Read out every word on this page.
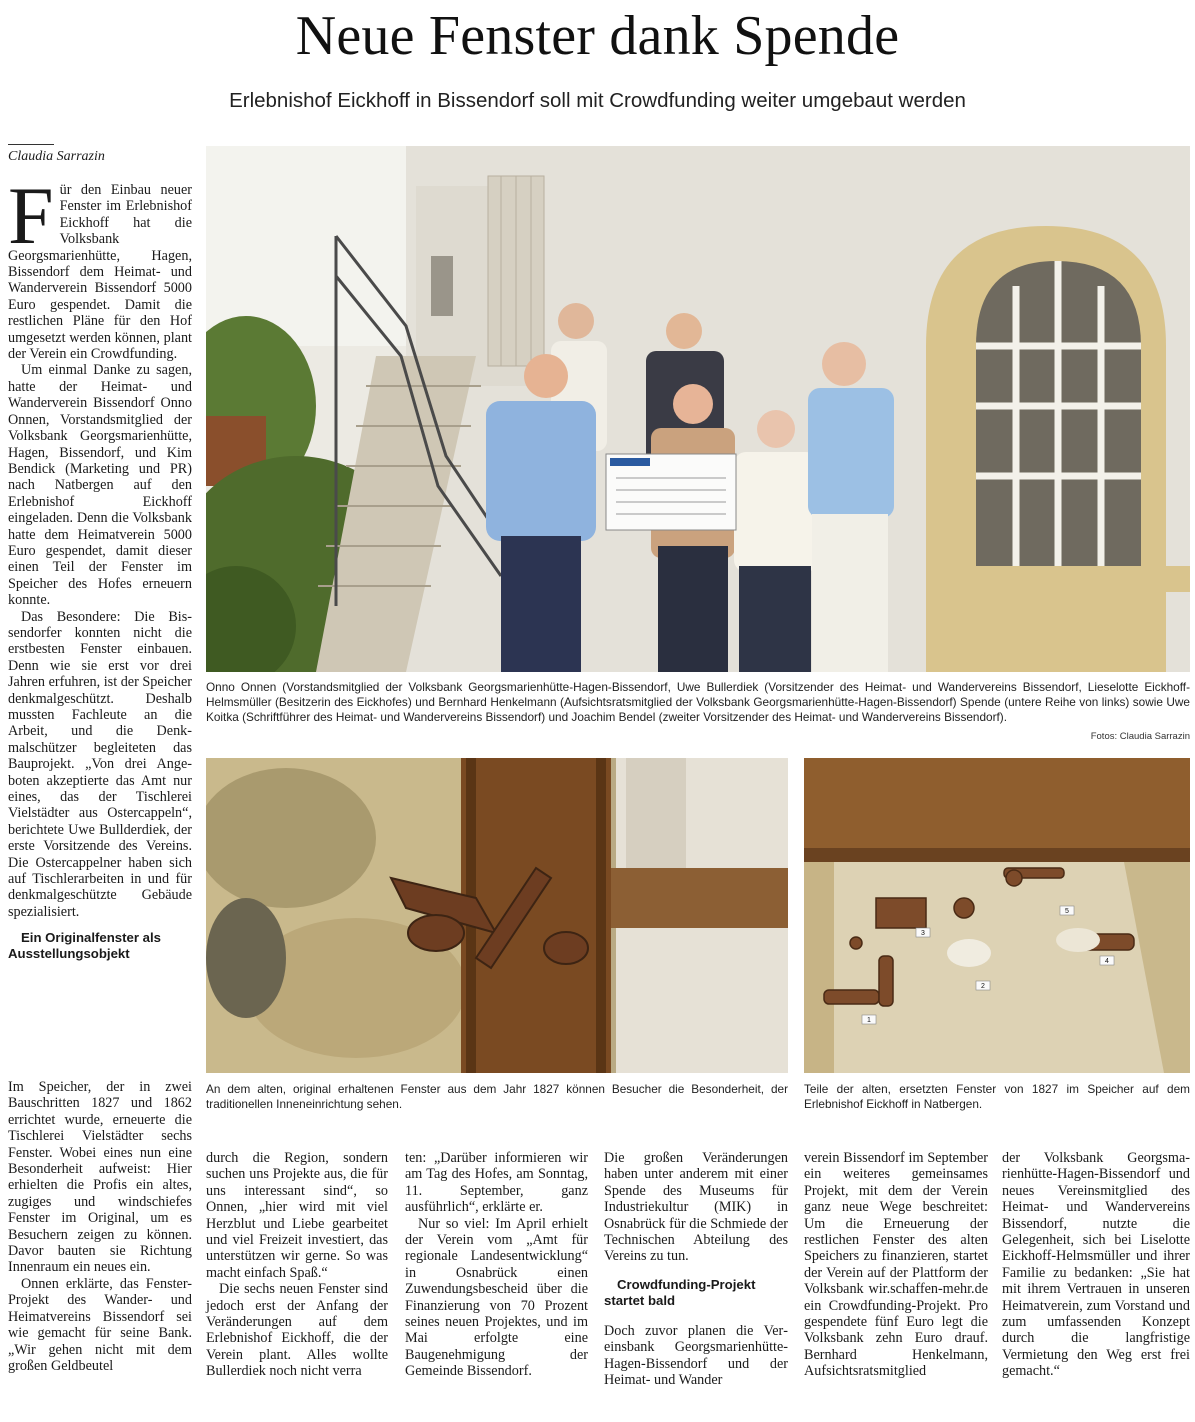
Neue Fenster dank Spende
Erlebnishof Eickhoff in Bissendorf soll mit Crowdfunding weiter umgebaut werden
Claudia Sarrazin

Für den Einbau neuer Fenster im Erlebnishof Eickhoff hat die Volksbank Georgsmarienhütte, Hagen, Bissendorf dem Heimat- und Wanderverein Bissendorf 5000 Euro gespendet. Damit die restlichen Pläne für den Hof umgesetzt werden können, plant der Verein ein Crowdfunding.

Um einmal Danke zu sagen, hatte der Heimat- und Wanderverein Bissendorf Onno Onnen, Vorstandsmitglied der Volksbank Georgsmarienhütte, Hagen, Bissendorf, und Kim Bendick (Marketing und PR) nach Natbergen auf den Erlebnishof Eickhoff eingeladen. Denn die Volksbank hatte dem Heimatverein 5000 Euro gespendet, damit dieser einen Teil der Fenster im Speicher des Hofes erneuern konnte.

Das Besondere: Die Bissendorfer konnten nicht die erstbesten Fenster einbauen. Denn wie sie erst vor drei Jahren erfuhren, ist der Speicher denkmalgeschützt. Deshalb mussten Fachleute an die Arbeit, und die Denkmalschützer begleiteten das Bauprojekt. „Von drei Angeboten akzeptierte das Amt nur eines, das der Tischlerei Vielstädter aus Ostercappeln“, berichtete Uwe Bullderdiek, der erste Vorsitzende des Vereins. Die Ostercappelner haben sich auf Tischlerarbeiten in und für denkmalgeschützte Gebäude spezialisiert.

Ein Originalfenster als Ausstellungsobjekt

Im Speicher, der in zwei Bauschritten 1827 und 1862 errichtet wurde, erneuerte die Tischlerei Vielstädter sechs Fenster. Wobei eines nun eine Besonderheit aufweist: Hier erhielten die Profis ein altes, zugiges und windschiefes Fenster im Original, um es Besuchern zeigen zu können. Davor bauten sie Richtung Innenraum ein neues ein.

Onnen erklärte, das Fenster-Projekt des Wander- und Heimatvereins Bissendorf sei wie gemacht für seine Bank. „Wir gehen nicht mit dem großen Geldbeutel

Onno Onnen (Vorstandsmitglied der Volksbank Georgsmarienhütte-Hagen-Bissendorf, Uwe Bullerdiek (Vorsitzender des Heimat- und Wandervereins Bissendorf, Lieselotte Eickhoff-Helmsmüller (Besitzerin des Eickhofes) und Bernhard Henkelmann (Aufsichtsratsmitglied der Volksbank Georgsmarienhütte-Hagen-Bissendorf) Spende (untere Reihe von links) sowie Uwe Koitka (Schriftführer des Heimat- und Wandervereins Bissendorf) und Joachim Bendel (zweiter Vorsitzender des Heimat- und Wandervereins Bissendorf).
Fotos: Claudia Sarrazin
An dem alten, original erhaltenen Fenster aus dem Jahr 1827 können Besucher die Besonderheit, der traditionellen Inneneinrichtung sehen.
1
2
3
4
5
Teile der alten, ersetzten Fenster von 1827 im Speicher auf dem Erlebnishof Eickhoff in Natbergen.

durch die Region, sondern suchen uns Projekte aus, die für uns interessant sind“, so Onnen, „hier wird mit viel Herzblut und Liebe gearbeitet und viel Freizeit investiert, das unterstützen wir gerne. So was macht einfach Spaß.“

Die sechs neuen Fenster sind jedoch erst der Anfang der Veränderungen auf dem Erlebnishof Eickhoff, die der Verein plant. Alles wollte Bullerdiek noch nicht verra

ten: „Darüber informieren wir am Tag des Hofes, am Sonntag, 11. September, ganz ausführlich“, erklärte er.

Nur so viel: Im April erhielt der Verein vom „Amt für regionale Landesentwicklung“ in Osnabrück einen Zuwendungsbescheid über die Finanzierung von 70 Prozent seines neuen Projektes, und im Mai erfolgte eine Baugenehmigung der Gemeinde Bissendorf.

Die großen Veränderungen haben unter anderem mit einer Spende des Museums für Industriekultur (MIK) in Osnabrück für die Schmiede der Technischen Abteilung des Vereins zu tun.

Crowdfunding-Projekt startet bald

Doch zuvor planen die Vereinsbank Georgsmarienhütte-Hagen-Bissendorf und der Heimat- und Wander

verein Bissendorf im September ein weiteres gemeinsames Projekt, mit dem der Verein ganz neue Wege beschreitet: Um die Erneuerung der restlichen Fenster des alten Speichers zu finanzieren, startet der Verein auf der Plattform der Volksbank wir.schaffen-mehr.de ein Crowdfunding-Projekt. Pro gespendete fünf Euro legt die Volksbank zehn Euro drauf. Bernhard Henkelmann, Aufsichtsratsmitglied

der Volksbank Georgsmarienhütte-Hagen-Bissendorf und neues Vereinsmitglied des Heimat- und Wandervereins Bissendorf, nutzte die Gelegenheit, sich bei Liselotte Eickhoff-Helmsmüller und ihrer Familie zu bedanken: „Sie hat mit ihrem Vertrauen in unseren Heimatverein, zum Vorstand und zum umfassenden Konzept durch die langfristige Vermietung den Weg erst frei gemacht.“
